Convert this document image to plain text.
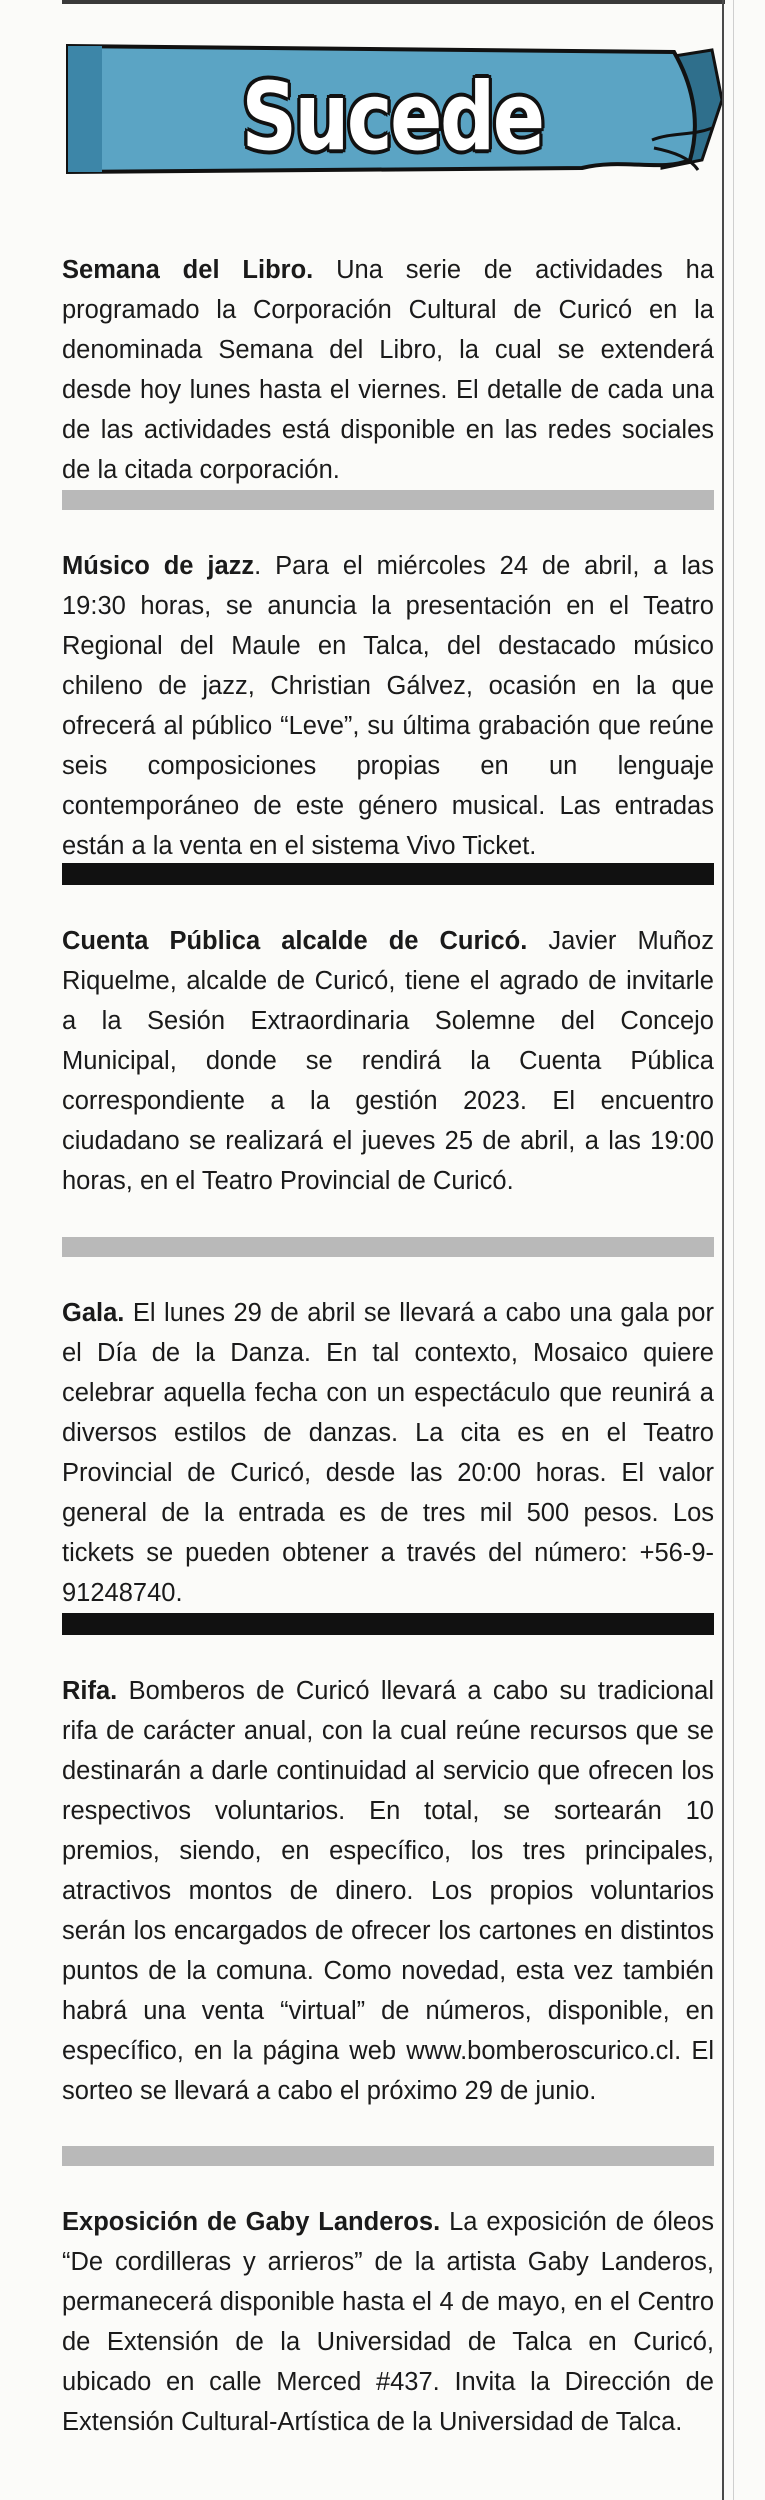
Sucede
Semana del Libro. Una serie de actividades ha programado la Corporación Cultural de Curicó en la denominada Semana del Libro, la cual se extenderá desde hoy lunes hasta el viernes. El detalle de cada una de las actividades está disponible en las redes sociales de la citada corporación.
Músico de jazz. Para el miércoles 24 de abril, a las 19:30 horas, se anuncia la presentación en el Teatro Regional del Maule en Talca, del destacado músico chileno de jazz, Christian Gálvez, ocasión en la que ofrecerá al público “Leve”, su última grabación que reúne seis composiciones propias en un lenguaje contemporáneo de este género musical. Las entradas están a la venta en el sistema Vivo Ticket.
Cuenta Pública alcalde de Curicó. Javier Muñoz Riquelme, alcalde de Curicó, tiene el agrado de invitarle a la Sesión Extraordinaria Solemne del Concejo Municipal, donde se rendirá la Cuenta Pública correspondiente a la gestión 2023. El encuentro ciudadano se realizará el jueves 25 de abril, a las 19:00 horas, en el Teatro Provincial de Curicó.
Gala. El lunes 29 de abril se llevará a cabo una gala por el Día de la Danza. En tal contexto, Mosaico quiere celebrar aquella fecha con un espectáculo que reunirá a diversos estilos de danzas. La cita es en el Teatro Provincial de Curicó, desde las 20:00 horas. El valor general de la entrada es de tres mil 500 pesos. Los tickets se pueden obtener a través del número: +56-9-91248740.
Rifa. Bomberos de Curicó llevará a cabo su tradicional rifa de carácter anual, con la cual reúne recursos que se destinarán a darle continuidad al servicio que ofrecen los respectivos voluntarios. En total, se sortearán 10 premios, siendo, en específico, los tres principales, atractivos montos de dinero. Los propios voluntarios serán los encargados de ofrecer los cartones en distintos puntos de la comuna. Como novedad, esta vez también habrá una venta “virtual” de números, disponible, en específico, en la página web www.bomberoscurico.cl. El sorteo se llevará a cabo el próximo 29 de junio.
Exposición de Gaby Landeros. La exposición de óleos “De cordilleras y arrieros” de la artista Gaby Landeros, permanecerá disponible hasta el 4 de mayo, en el Centro de Extensión de la Universidad de Talca en Curicó, ubicado en calle Merced #437. Invita la Dirección de Extensión Cultural-Artística de la Universidad de Talca.
